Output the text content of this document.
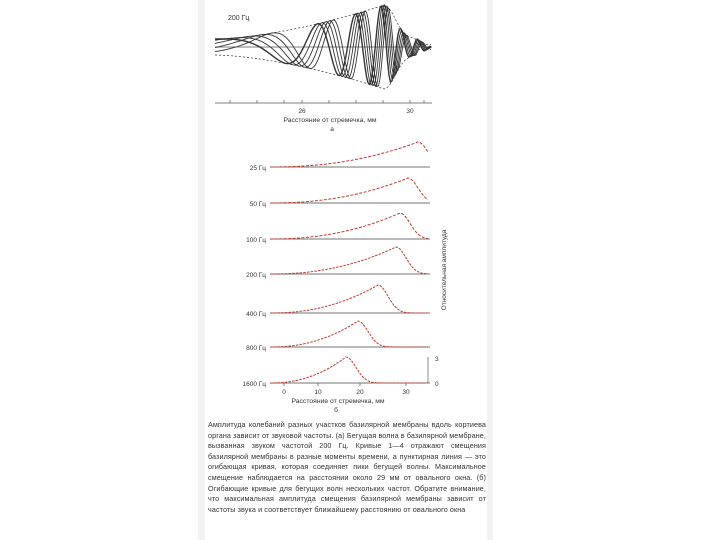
200 Гц
26	30
Расстояние от стремечка, мм
а
25 Гц
50 Гц
100 Гц
200 Гц
400 Гц
800 Гц
1600 Гц
0	10	20	30
3
0
Относительная амплитуда
Расстояние от стремечка, мм
б
Амплитуда колебаний разных участков базилярной мембраны вдоль кортиева органа зависит от звуковой частоты. (а) Бегущая волна в базилярной мембране, вызванная звуком частотой 200 Гц. Кривые 1—4 отражают смещения базилярной мембраны в разные моменты времени, а пунктирная линия — это огибающая кривая, которая соединяет пики бегущей волны. Максимальное смещение наблюдается на расстоянии около 29 мм от овального окна. (б) Огибающие кривые для бегущих волн нескольких частот. Обратите внимание, что максимальная амплитуда смещения базилярной мембраны зависит от частоты звука и соответствует ближайшему расстоянию от овального окна
